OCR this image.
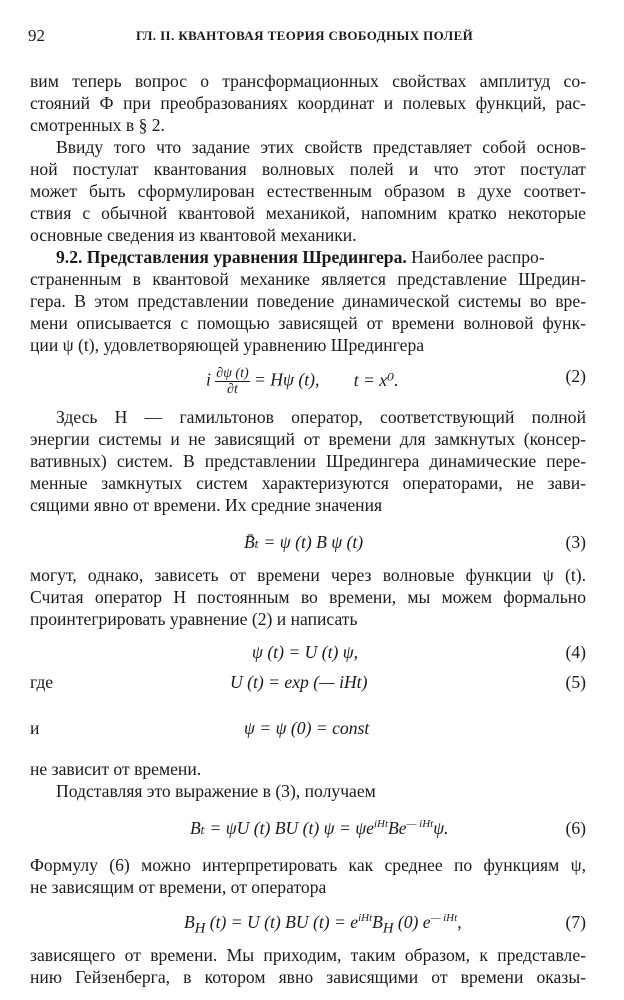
92	ГЛ. II. КВАНТОВАЯ ТЕОРИЯ СВОБОДНЫХ ПОЛЕЙ
вим теперь вопрос о трансформационных свойствах амплитуд со-
стояний Ф при преобразованиях координат и полевых функций, рас-
смотренных в § 2.
Ввиду того что задание этих свойств представляет собой основ-
ной постулат квантования волновых полей и что этот постулат
может быть сформулирован естественным образом в духе соответ-
ствия с обычной квантовой механикой, напомним кратко некоторые
основные сведения из квантовой механики.
9.2. Представления уравнения Шредингера. Наиболее распро-
страненным в квантовой механике является представление Шредин-
гера. В этом представлении поведение динамической системы во вре-
мени описывается с помощью зависящей от времени волновой функ-
ции ψ (t), удовлетворяющей уравнению Шредингера
i $\frac{\partial\psi (t)}{\partial t} = H\psi$ (t), t = x⁰.	(2)
Здесь H — гамильтонов оператор, соответствующий полной
энергии системы и не зависящий от времени для замкнутых (консер-
вативных) систем. В представлении Шредингера динамические пере-
менные замкнутых систем характеризуются операторами, не зави-
сящими явно от времени. Их средние значения
B̄ₜ = ψ (t) B ψ (t)	(3)
могут, однако, зависеть от времени через волновые функции ψ (t).
Считая оператор H постоянным во времени, мы можем формально
проинтегрировать уравнение (2) и написать
ψ (t) = U (t) ψ,	(4)
где	U (t) = exp (— iHt)	(5)
и	ψ = ψ (0) = const
не зависит от времени.
Подставляя это выражение в (3), получаем
Bₜ = ψU (t) BU (t) $\psi = \psi e^{iHt}Be^{— iHt}\psi$.	(6)
Формулу (6) можно интерпретировать как среднее по функциям ψ,
не зависящим от времени, от оператора
$B_H$ (t) = U (t) BU $(t) = e^{iHt}B_H$ (0) $e^{— iHt}$,	(7)
зависящего от времени. Мы приходим, таким образом, к представле-
нию Гейзенберга, в котором явно зависящими от времени оказы-
